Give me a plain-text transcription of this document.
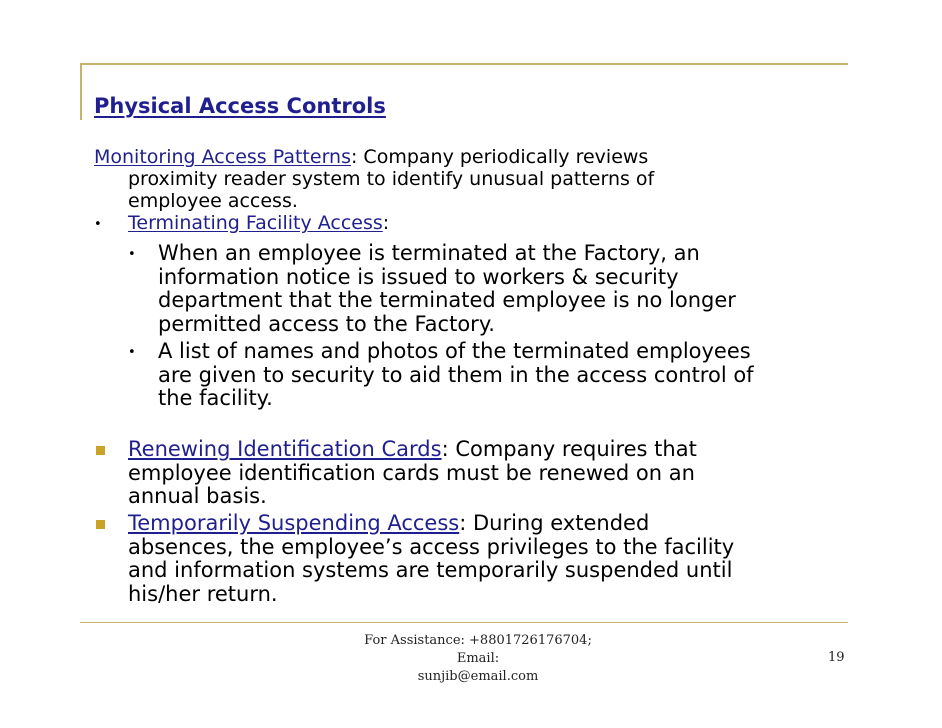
Physical Access Controls
Monitoring Access Patterns: Company periodically reviews
proximity reader system to identify unusual patterns of
employee access.
• Terminating Facility Access:
• When an employee is terminated at the Factory, an
information notice is issued to workers & security
department that the terminated employee is no longer
permitted access to the Factory.
• A list of names and photos of the terminated employees
are given to security to aid them in the access control of
the facility.
Renewing Identification Cards: Company requires that
employee identification cards must be renewed on an
annual basis.
Temporarily Suspending Access: During extended
absences, the employee’s access privileges to the facility
and information systems are temporarily suspended until
his/her return.
For Assistance: +8801726176704; Email:
sunjib@email.com
19
